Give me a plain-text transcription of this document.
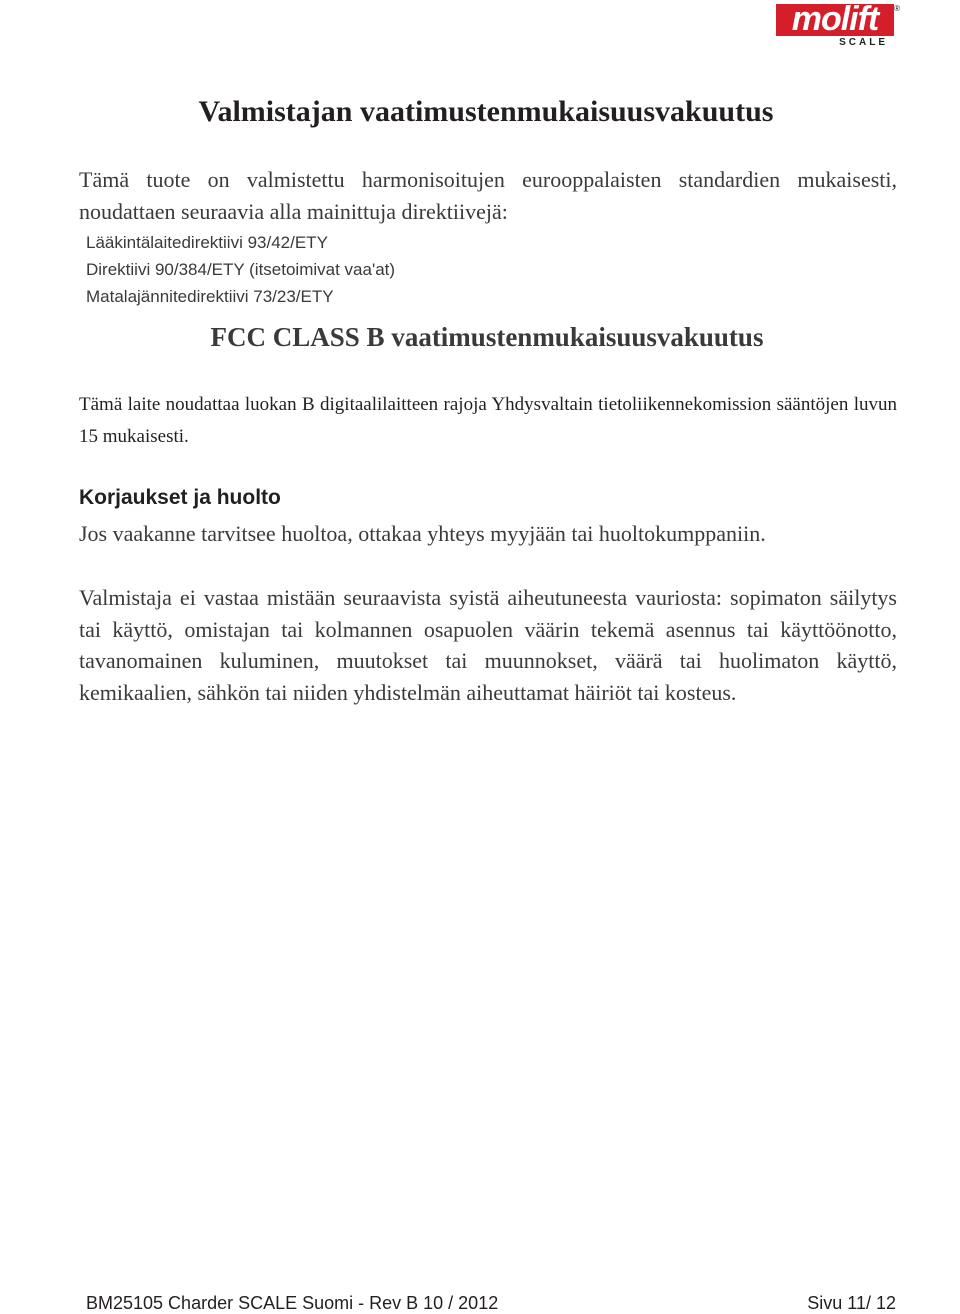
molift	®
SCALE
Valmistajan vaatimustenmukaisuusvakuutus

Tämä tuote on valmistettu harmonisoitujen eurooppalaisten standardien mukaisesti, noudattaen seuraavia alla mainittuja direktiivejä:

Lääkintälaitedirektiivi 93/42/ETY
Direktiivi 90/384/ETY (itsetoimivat vaa'at)
Matalajännitedirektiivi 73/23/ETY
FCC CLASS B vaatimustenmukaisuusvakuutus

Tämä laite noudattaa luokan B digitaalilaitteen rajoja Yhdysvaltain tietoliikennekomission sääntöjen luvun 15 mukaisesti.

Korjaukset ja huolto

Jos vaakanne tarvitsee huoltoa, ottakaa yhteys myyjään tai huoltokumppaniin.

Valmistaja ei vastaa mistään seuraavista syistä aiheutuneesta vauriosta: sopimaton säilytys tai käyttö, omistajan tai kolmannen osapuolen väärin tekemä asennus tai käyttöönotto, tavanomainen kuluminen, muutokset tai muunnokset, väärä tai huolimaton käyttö, kemikaalien, sähkön tai niiden yhdistelmän aiheuttamat häiriöt tai kosteus.

BM25105 Charder SCALE Suomi - Rev B 10 / 2012	Sivu 11/ 12
